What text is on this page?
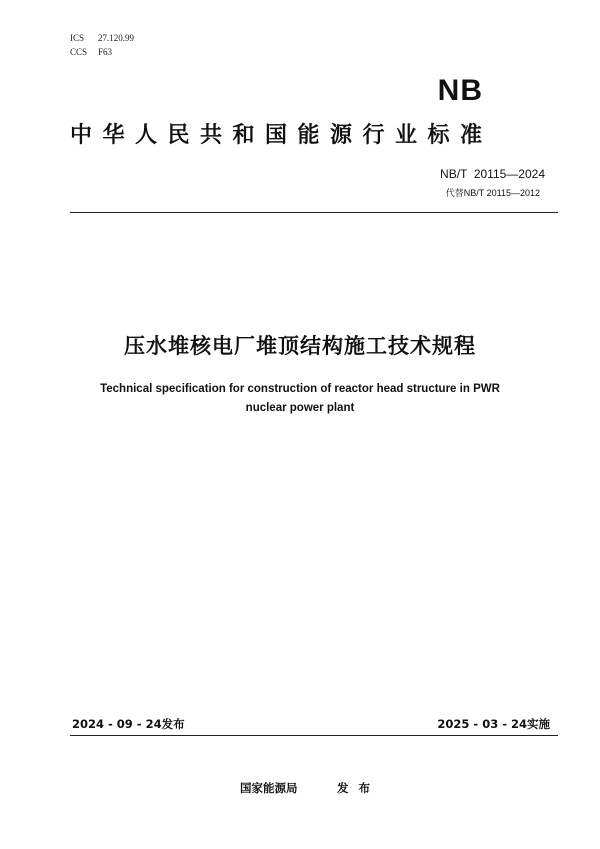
ICS 27.120.99
CCS F63
NB
中华人民共和国能源行业标准
NB/T  20115—2024
代替NB/T 20115—2012
压水堆核电厂堆顶结构施工技术规程
Technical specification for construction of reactor head structure in PWR nuclear power plant
2024 - 09 - 24发布	2025 - 03 - 24实施
国家能源局	发布
